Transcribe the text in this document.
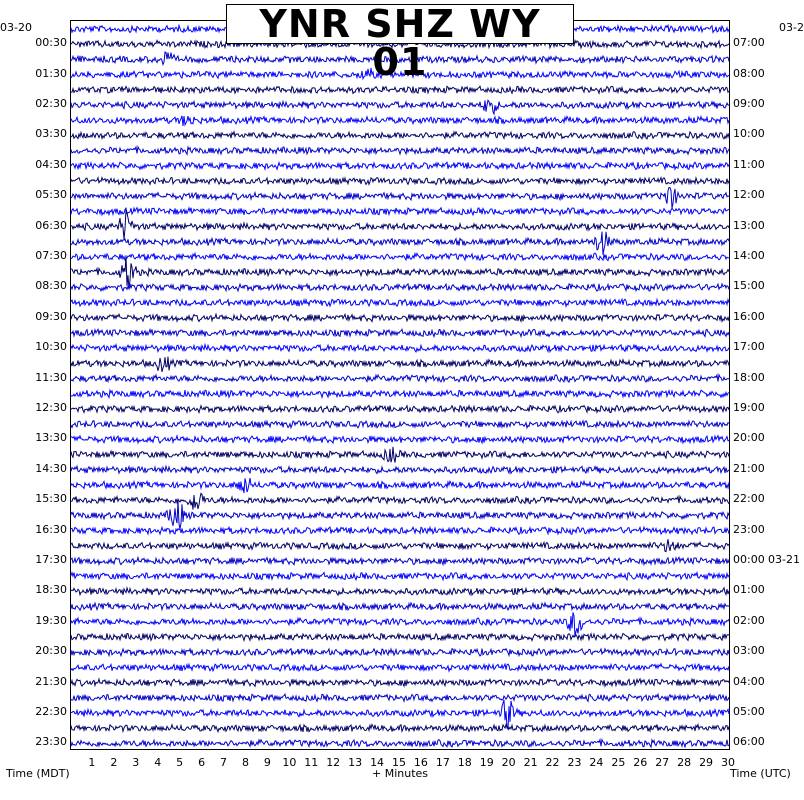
YNR SHZ WY 01
03-20	03-2
00:30
01:30
02:30
03:30
04:30
05:30
06:30
07:30
08:30
09:30
10:30
11:30
12:30
13:30
14:30
15:30
16:30
17:30
18:30
19:30
20:30
21:30
22:30
23:30
07:00
08:00
09:00
10:00
11:00
12:00
13:00
14:00
15:00
16:00
17:00
18:00
19:00
20:00
21:00
22:00
23:00
00:00 03-21
01:00
02:00
03:00
04:00
05:00
06:00
1	2	3	4	5	6	7	8	9	10 11 12 13 14 15 16 17 18 19 20 21 22 23 24 25 26 27 28 29 30
Time (MDT)	+ Minutes	Time (UTC)
